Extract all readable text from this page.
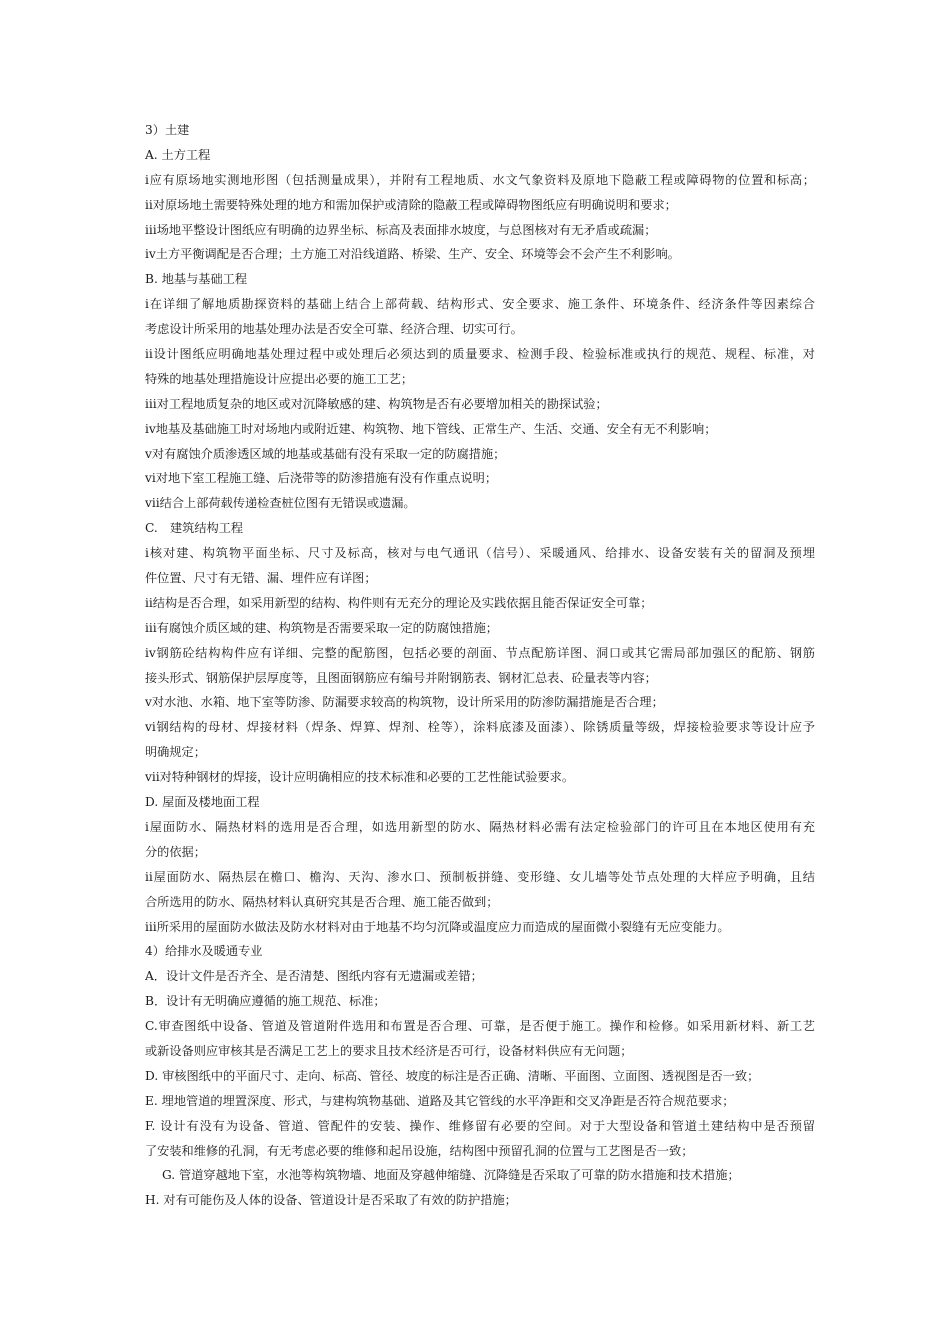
3）土建
A. 土方工程
ⅰ应有原场地实测地形图（包括测量成果），并附有工程地质、水文气象资料及原地下隐蔽工程或障碍物的位置和标高；
ⅱ对原场地土需要特殊处理的地方和需加保护或清除的隐蔽工程或障碍物图纸应有明确说明和要求；
ⅲ场地平整设计图纸应有明确的边界坐标、标高及表面排水坡度，与总图核对有无矛盾或疏漏；
ⅳ土方平衡调配是否合理；土方施工对沿线道路、桥梁、生产、安全、环境等会不会产生不利影响。
B. 地基与基础工程
ⅰ在详细了解地质勘探资料的基础上结合上部荷载、结构形式、安全要求、施工条件、环境条件、经济条件等因素综合
考虑设计所采用的地基处理办法是否安全可靠、经济合理、切实可行。
ⅱ设计图纸应明确地基处理过程中或处理后必须达到的质量要求、检测手段、检验标准或执行的规范、规程、标准，对
特殊的地基处理措施设计应提出必要的施工工艺；
ⅲ对工程地质复杂的地区或对沉降敏感的建、构筑物是否有必要增加相关的勘探试验；
ⅳ地基及基础施工时对场地内或附近建、构筑物、地下管线、正常生产、生活、交通、安全有无不利影响；
ⅴ对有腐蚀介质渗透区域的地基或基础有没有采取一定的防腐措施；
ⅵ对地下室工程施工缝、后浇带等的防渗措施有没有作重点说明；
ⅶ结合上部荷载传递检查桩位图有无错误或遗漏。
C.　建筑结构工程
ⅰ核对建、构筑物平面坐标、尺寸及标高，核对与电气通讯（信号）、采暖通风、给排水、设备安装有关的留洞及预埋
件位置、尺寸有无错、漏、埋件应有详图；
ⅱ结构是否合理，如采用新型的结构、构件则有无充分的理论及实践依据且能否保证安全可靠；
ⅲ有腐蚀介质区域的建、构筑物是否需要采取一定的防腐蚀措施；
ⅳ钢筋砼结构构件应有详细、完整的配筋图，包括必要的剖面、节点配筋详图、洞口或其它需局部加强区的配筋、钢筋
接头形式、钢筋保护层厚度等，且图面钢筋应有编号并附钢筋表、钢材汇总表、砼量表等内容；
ⅴ对水池、水箱、地下室等防渗、防漏要求较高的构筑物，设计所采用的防渗防漏措施是否合理；
ⅵ钢结构的母材、焊接材料（焊条、焊算、焊剂、栓等），涂料底漆及面漆）、除锈质量等级，焊接检验要求等设计应予
明确规定；
ⅶ对特种钢材的焊接，设计应明确相应的技术标准和必要的工艺性能试验要求。
D. 屋面及楼地面工程
ⅰ屋面防水、隔热材料的选用是否合理，如选用新型的防水、隔热材料必需有法定检验部门的许可且在本地区使用有充
分的依据；
ⅱ屋面防水、隔热层在檐口、檐沟、天沟、渗水口、预制板拼缝、变形缝、女儿墙等处节点处理的大样应予明确，且结
合所选用的防水、隔热材料认真研究其是否合理、施工能否做到；
ⅲ所采用的屋面防水做法及防水材料对由于地基不均匀沉降或温度应力而造成的屋面微小裂缝有无应变能力。
4）给排水及暖通专业
A．设计文件是否齐全、是否清楚、图纸内容有无遗漏或差错；
B．设计有无明确应遵循的施工规范、标准；
C.审查图纸中设备、管道及管道附件选用和布置是否合理、可靠，是否便于施工。操作和检修。如采用新材料、新工艺
或新设备则应审核其是否满足工艺上的要求且技术经济是否可行，设备材料供应有无问题；
D. 审核图纸中的平面尺寸、走向、标高、管径、坡度的标注是否正确、清晰、平面图、立面图、透视图是否一致；
E. 埋地管道的埋置深度、形式，与建构筑物基础、道路及其它管线的水平净距和交叉净距是否符合规范要求；
F. 设计有没有为设备、管道、管配件的安装、操作、维修留有必要的空间。对于大型设备和管道土建结构中是否预留
了安装和维修的孔洞，有无考虑必要的维修和起吊设施，结构图中预留孔洞的位置与工艺图是否一致；
G. 管道穿越地下室，水池等构筑物墙、地面及穿越伸缩缝、沉降缝是否采取了可靠的防水措施和技术措施；
H. 对有可能伤及人体的设备、管道设计是否采取了有效的防护措施；
